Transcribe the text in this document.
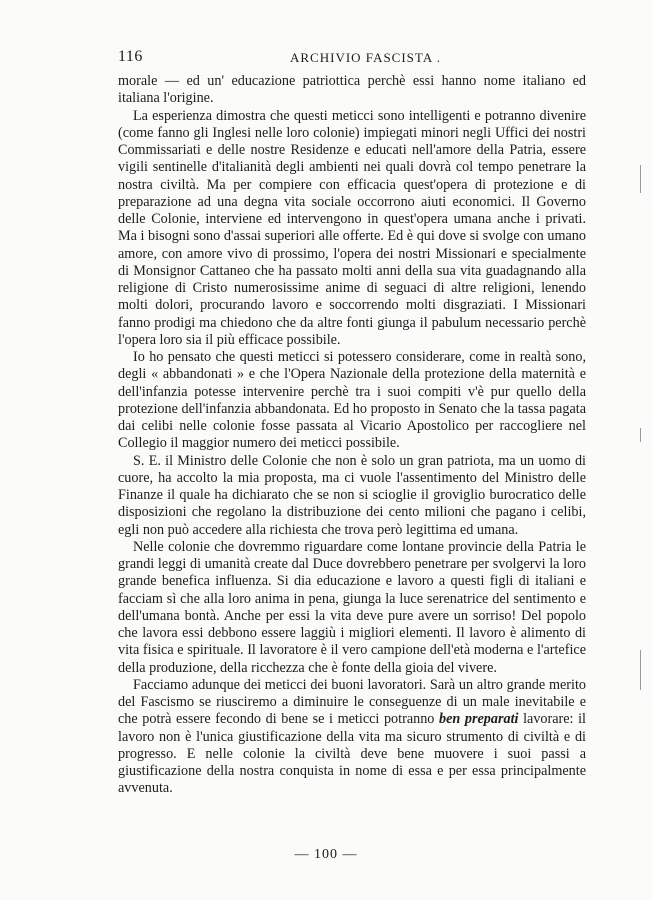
116	ARCHIVIO FASCISTA .

morale — ed un' educazione patriottica perchè essi hanno nome italiano ed italiana l'origine.

La esperienza dimostra che questi meticci sono intelligenti e potranno divenire (come fanno gli Inglesi nelle loro colonie) impiegati minori negli Uffici dei nostri Commissariati e delle nostre Residenze e educati nell'amore della Patria, essere vigili sentinelle d'italianità degli ambienti nei quali dovrà col tempo penetrare la nostra civiltà. Ma per compiere con efficacia quest'opera di protezione e di preparazione ad una degna vita sociale occorrono aiuti economici. Il Governo delle Colonie, interviene ed intervengono in quest'opera umana anche i privati. Ma i bisogni sono d'assai superiori alle offerte. Ed è qui dove si svolge con umano amore, con amore vivo di prossimo, l'opera dei nostri Missionari e specialmente di Monsignor Cattaneo che ha passato molti anni della sua vita guadagnando alla religione di Cristo numerosissime anime di seguaci di altre religioni, lenendo molti dolori, procurando lavoro e soccorrendo molti disgraziati. I Missionari fanno prodigi ma chiedono che da altre fonti giunga il pabulum necessario perchè l'opera loro sia il più efficace possibile.

Io ho pensato che questi meticci si potessero considerare, come in realtà sono, degli « abbandonati » e che l'Opera Nazionale della protezione della maternità e dell'infanzia potesse intervenire perchè tra i suoi compiti v'è pur quello della protezione dell'infanzia abbandonata. Ed ho proposto in Senato che la tassa pagata dai celibi nelle colonie fosse passata al Vicario Apostolico per raccogliere nel Collegio il maggior numero dei meticci possibile.

S. E. il Ministro delle Colonie che non è solo un gran patriota, ma un uomo di cuore, ha accolto la mia proposta, ma ci vuole l'assentimento del Ministro delle Finanze il quale ha dichiarato che se non si scioglie il groviglio burocratico delle disposizioni che regolano la distribuzione dei cento milioni che pagano i celibi, egli non può accedere alla richiesta che trova però legittima ed umana.

Nelle colonie che dovremmo riguardare come lontane provincie della Patria le grandi leggi di umanità create dal Duce dovrebbero penetrare per svolgervi la loro grande benefica influenza. Si dia educazione e lavoro a questi figli di italiani e facciam sì che alla loro anima in pena, giunga la luce serenatrice del sentimento e dell'umana bontà. Anche per essi la vita deve pure avere un sorriso! Del popolo che lavora essi debbono essere laggiù i migliori elementi. Il lavoro è alimento di vita fisica e spirituale. Il lavoratore è il vero campione dell'età moderna e l'artefice della produzione, della ricchezza che è fonte della gioia del vivere.

Facciamo adunque dei meticci dei buoni lavoratori. Sarà un altro grande merito del Fascismo se riusciremo a diminuire le conseguenze di un male inevitabile e che potrà essere fecondo di bene se i meticci potranno ben preparati lavorare: il lavoro non è l'unica giustificazione della vita ma sicuro strumento di civiltà e di progresso. E nelle colonie la civiltà deve bene muovere i suoi passi a giustificazione della nostra conquista in nome di essa e per essa principalmente avvenuta.

— 100 —
